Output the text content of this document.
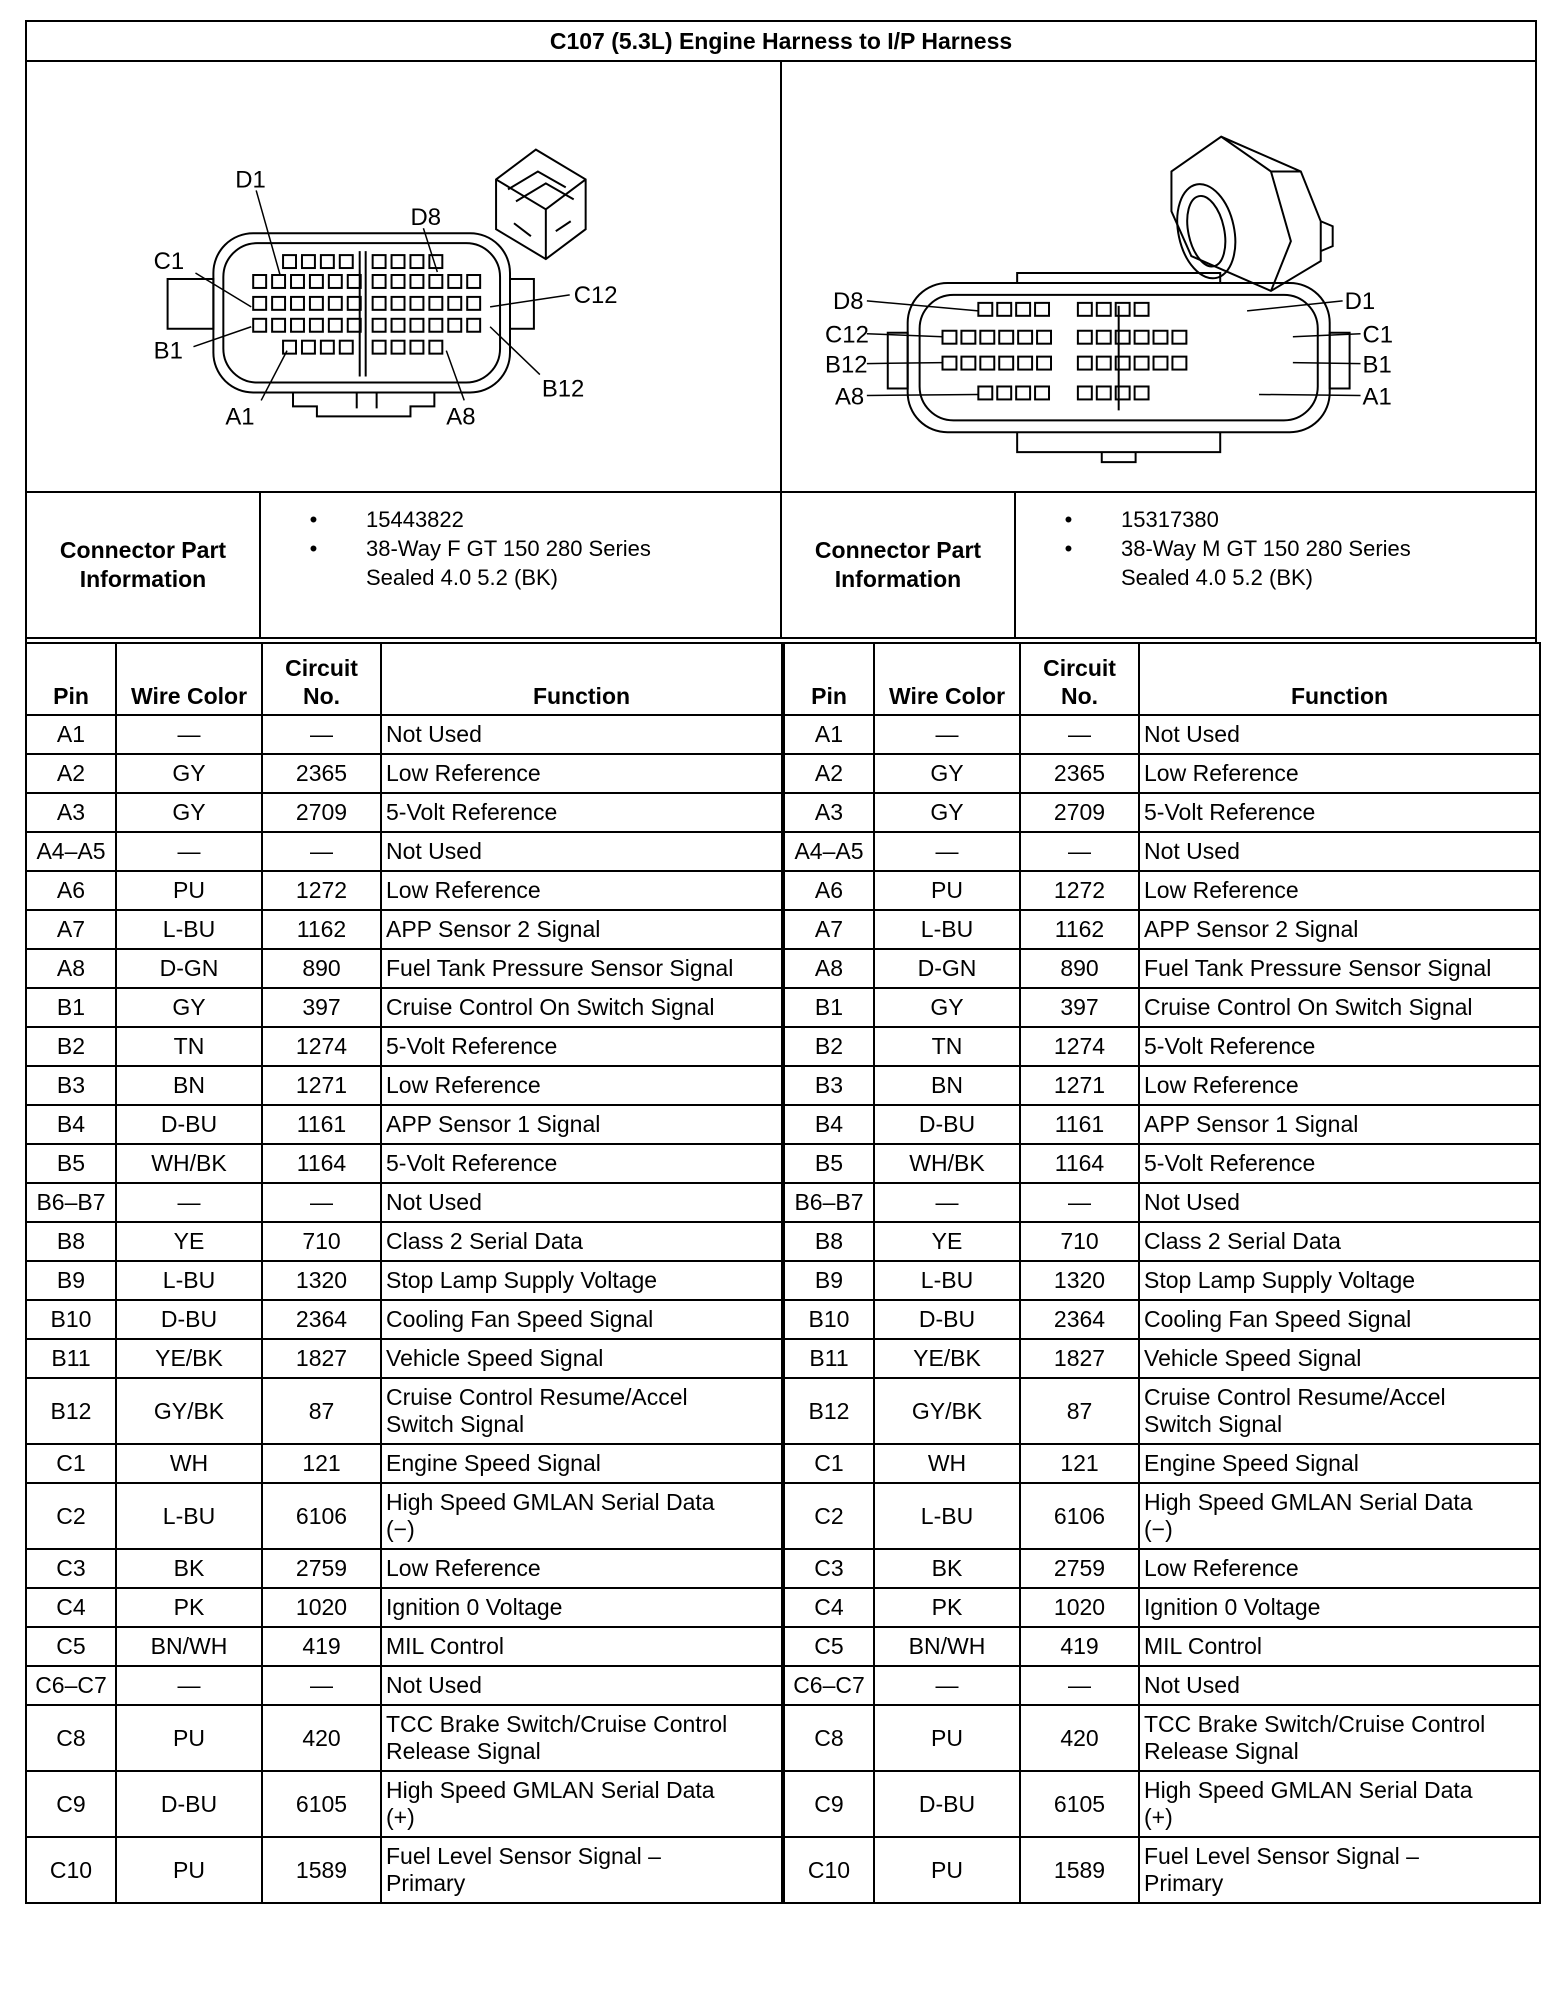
C107 (5.3L) Engine Harness to I/P Harness
D1
D8
C1
C12
B1
B12
A1	A8
D8
C12
B12
A8
D1
C1
B1
A1
Connector Part
Information
•	15443822
•	38-Way F GT 150 280 Series
Sealed 4.0 5.2 (BK)
Connector Part
Information
•	15317380
•	38-Way M GT 150 280 Series
Sealed 4.0 5.2 (BK)
Pin	Wire Color	Circuit
No.	Function
A1	—	—	Not Used

A2	GY	2365	Low Reference

A3	GY	2709	5-Volt Reference

A4–A5	—	—	Not Used

A6	PU	1272	Low Reference

A7	L-BU	1162	APP Sensor 2 Signal

A8	D-GN	890	Fuel Tank Pressure Sensor Signal

B1	GY	397	Cruise Control On Switch Signal

B2	TN	1274	5-Volt Reference

B3	BN	1271	Low Reference

B4	D-BU	1161	APP Sensor 1 Signal

B5	WH/BK	1164	5-Volt Reference

B6–B7	—	—	Not Used

B8	YE	710	Class 2 Serial Data

B9	L-BU	1320	Stop Lamp Supply Voltage

B10	D-BU	2364	Cooling Fan Speed Signal

B11	YE/BK	1827	Vehicle Speed Signal

B12	GY/BK	87	Cruise Control Resume/Accel
Switch Signal

C1	WH	121	Engine Speed Signal

C2	L-BU	6106	High Speed GMLAN Serial Data
(−)

C3	BK	2759	Low Reference

C4	PK	1020	Ignition 0 Voltage

C5	BN/WH	419	MIL Control

C6–C7	—	—	Not Used

C8	PU	420	TCC Brake Switch/Cruise Control
Release Signal

C9	D-BU	6105	High Speed GMLAN Serial Data
(+)

C10	PU	1589	Fuel Level Sensor Signal –
Primary
Pin	Wire Color	Circuit
No.	Function
A1	—	—	Not Used

A2	GY	2365	Low Reference

A3	GY	2709	5-Volt Reference

A4–A5	—	—	Not Used

A6	PU	1272	Low Reference

A7	L-BU	1162	APP Sensor 2 Signal

A8	D-GN	890	Fuel Tank Pressure Sensor Signal

B1	GY	397	Cruise Control On Switch Signal

B2	TN	1274	5-Volt Reference

B3	BN	1271	Low Reference

B4	D-BU	1161	APP Sensor 1 Signal

B5	WH/BK	1164	5-Volt Reference

B6–B7	—	—	Not Used

B8	YE	710	Class 2 Serial Data

B9	L-BU	1320	Stop Lamp Supply Voltage

B10	D-BU	2364	Cooling Fan Speed Signal

B11	YE/BK	1827	Vehicle Speed Signal

B12	GY/BK	87	Cruise Control Resume/Accel
Switch Signal

C1	WH	121	Engine Speed Signal

C2	L-BU	6106	High Speed GMLAN Serial Data
(−)

C3	BK	2759	Low Reference

C4	PK	1020	Ignition 0 Voltage

C5	BN/WH	419	MIL Control

C6–C7	—	—	Not Used

C8	PU	420	TCC Brake Switch/Cruise Control
Release Signal

C9	D-BU	6105	High Speed GMLAN Serial Data
(+)

C10	PU	1589	Fuel Level Sensor Signal –
Primary
